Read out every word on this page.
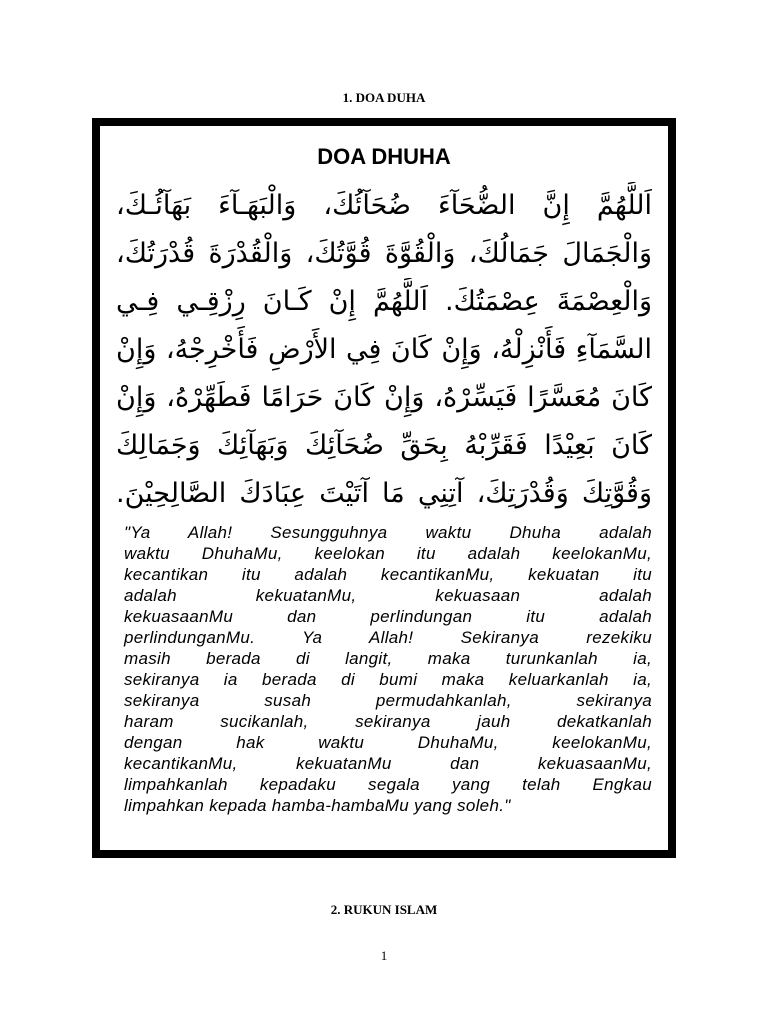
1. DOA DUHA
DOA DHUHA
اَللَّهُمَّ إِنَّ الضُّحَآءَ ضُحَآئُكَ، وَالْبَهَـآءَ بَهَآئُـكَ،
وَالْجَمَالَ جَمَالُكَ، وَالْقُوَّةَ قُوَّتُكَ، وَالْقُدْرَةَ قُدْرَتُكَ،
وَالْعِصْمَةَ عِصْمَتُكَ. اَللَّهُمَّ إِنْ كَـانَ رِزْقِـي فِـي
السَّمَآءِ فَأَنْزِلْهُ، وَإِنْ كَانَ فِي الأَرْضِ فَأَخْرِجْهُ، وَإِنْ
كَانَ مُعَسَّرًا فَيَسِّرْهُ، وَإِنْ كَانَ حَرَامًا فَطَهِّرْهُ، وَإِنْ
كَانَ بَعِيْدًا فَقَرِّبْهُ بِحَقِّ ضُحَآئِكَ وَبَهَآئِكَ وَجَمَالِكَ
وَقُوَّتِكَ وَقُدْرَتِكَ، آتِنِي مَا آتَيْتَ عِبَادَكَ الصَّالِحِيْنَ.
"Ya Allah! Sesungguhnya waktu Dhuha adalah
waktu DhuhaMu, keelokan itu adalah keelokanMu,
kecantikan itu adalah kecantikanMu, kekuatan itu
adalah kekuatanMu, kekuasaan adalah
kekuasaanMu dan perlindungan itu adalah
perlindunganMu. Ya Allah! Sekiranya rezekiku
masih berada di langit, maka turunkanlah ia,
sekiranya ia berada di bumi maka keluarkanlah ia,
sekiranya susah permudahkanlah, sekiranya
haram sucikanlah, sekiranya jauh dekatkanlah
dengan hak waktu DhuhaMu, keelokanMu,
kecantikanMu, kekuatanMu dan kekuasaanMu,
limpahkanlah kepadaku segala yang telah Engkau
limpahkan kepada hamba-hambaMu yang soleh."
2. RUKUN ISLAM
1
